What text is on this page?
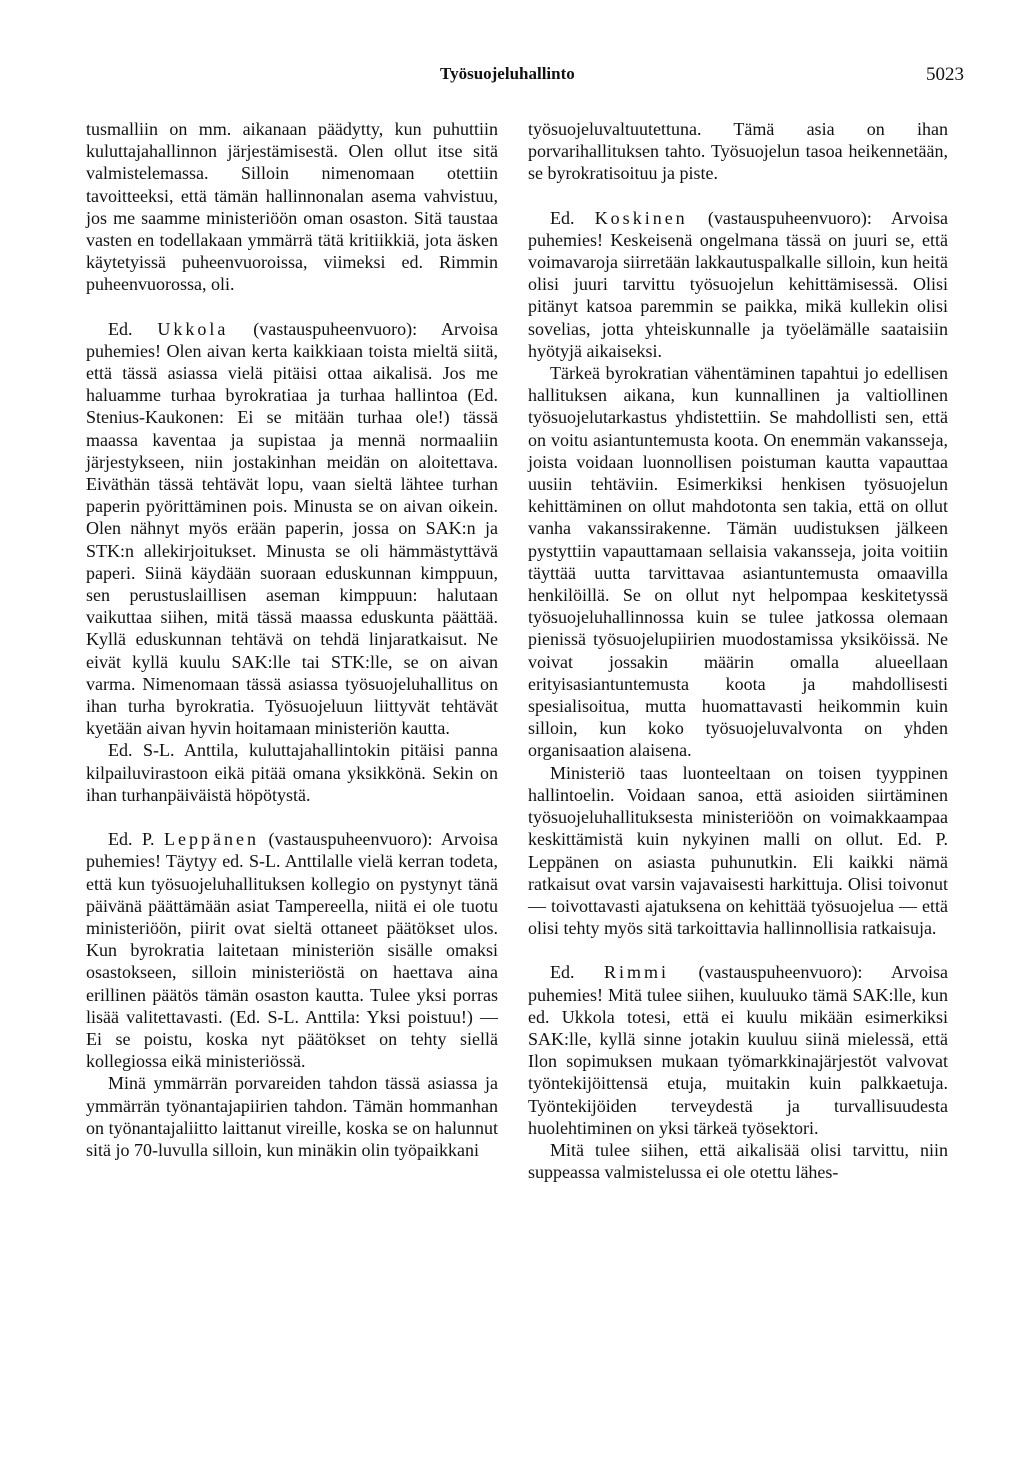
Työsuojeluhallinto	5023

tusmalliin on mm. aikanaan päädytty, kun puhuttiin kuluttajahallinnon järjestämisestä. Olen ollut itse sitä valmistelemassa. Silloin nimenomaan otettiin tavoitteeksi, että tämän hallinnonalan asema vahvistuu, jos me saamme ministeriöön oman osaston. Sitä taustaa vasten en todellakaan ymmärrä tätä kritiikkiä, jota äsken käytetyissä puheenvuoroissa, viimeksi ed. Rimmin puheenvuorossa, oli.

Ed. Ukkola (vastauspuheenvuoro): Arvoisa puhemies! Olen aivan kerta kaikkiaan toista mieltä siitä, että tässä asiassa vielä pitäisi ottaa aikalisä. Jos me haluamme turhaa byrokratiaa ja turhaa hallintoa (Ed. Stenius-Kaukonen: Ei se mitään turhaa ole!) tässä maassa kaventaa ja supistaa ja mennä normaaliin järjestykseen, niin jostakinhan meidän on aloitettava. Eiväthän tässä tehtävät lopu, vaan sieltä lähtee turhan paperin pyörittäminen pois. Minusta se on aivan oikein. Olen nähnyt myös erään paperin, jossa on SAK:n ja STK:n allekirjoitukset. Minusta se oli hämmästyttävä paperi. Siinä käydään suoraan eduskunnan kimppuun, sen perustuslaillisen aseman kimppuun: halutaan vaikuttaa siihen, mitä tässä maassa eduskunta päättää. Kyllä eduskunnan tehtävä on tehdä linjaratkaisut. Ne eivät kyllä kuulu SAK:lle tai STK:lle, se on aivan varma. Nimenomaan tässä asiassa työsuojeluhallitus on ihan turha byrokratia. Työsuojeluun liittyvät tehtävät kyetään aivan hyvin hoitamaan ministeriön kautta.

Ed. S-L. Anttila, kuluttajahallintokin pitäisi panna kilpailuvirastoon eikä pitää omana yksikkönä. Sekin on ihan turhanpäiväistä höpötystä.

Ed. P. Leppänen (vastauspuheenvuoro): Arvoisa puhemies! Täytyy ed. S-L. Anttilalle vielä kerran todeta, että kun työsuojeluhallituksen kollegio on pystynyt tänä päivänä päättämään asiat Tampereella, niitä ei ole tuotu ministeriöön, piirit ovat sieltä ottaneet päätökset ulos. Kun byrokratia laitetaan ministeriön sisälle omaksi osastokseen, silloin ministeriöstä on haettava aina erillinen päätös tämän osaston kautta. Tulee yksi porras lisää valitettavasti. (Ed. S-L. Anttila: Yksi poistuu!) — Ei se poistu, koska nyt päätökset on tehty siellä kollegiossa eikä ministeriössä.

Minä ymmärrän porvareiden tahdon tässä asiassa ja ymmärrän työnantajapiirien tahdon. Tämän hommanhan on työnantajaliitto laittanut vireille, koska se on halunnut sitä jo 70-luvulla silloin, kun minäkin olin työpaikkani

työsuojeluvaltuutettuna. Tämä asia on ihan porvarihallituksen tahto. Työsuojelun tasoa heikennetään, se byrokratisoituu ja piste.

Ed. Koskinen (vastauspuheenvuoro): Arvoisa puhemies! Keskeisenä ongelmana tässä on juuri se, että voimavaroja siirretään lakkautuspalkalle silloin, kun heitä olisi juuri tarvittu työsuojelun kehittämisessä. Olisi pitänyt katsoa paremmin se paikka, mikä kullekin olisi sovelias, jotta yhteiskunnalle ja työelämälle saataisiin hyötyjä aikaiseksi.

Tärkeä byrokratian vähentäminen tapahtui jo edellisen hallituksen aikana, kun kunnallinen ja valtiollinen työsuojelutarkastus yhdistettiin. Se mahdollisti sen, että on voitu asiantuntemusta koota. On enemmän vakansseja, joista voidaan luonnollisen poistuman kautta vapauttaa uusiin tehtäviin. Esimerkiksi henkisen työsuojelun kehittäminen on ollut mahdotonta sen takia, että on ollut vanha vakanssirakenne. Tämän uudistuksen jälkeen pystyttiin vapauttamaan sellaisia vakansseja, joita voitiin täyttää uutta tarvittavaa asiantuntemusta omaavilla henkilöillä. Se on ollut nyt helpompaa keskitetyssä työsuojeluhallinnossa kuin se tulee jatkossa olemaan pienissä työsuojelupiirien muodostamissa yksiköissä. Ne voivat jossakin määrin omalla alueellaan erityisasiantuntemusta koota ja mahdollisesti spesialisoitua, mutta huomattavasti heikommin kuin silloin, kun koko työsuojeluvalvonta on yhden organisaation alaisena.

Ministeriö taas luonteeltaan on toisen tyyppinen hallintoelin. Voidaan sanoa, että asioiden siirtäminen työsuojeluhallituksesta ministeriöön on voimakkaampaa keskittämistä kuin nykyinen malli on ollut. Ed. P. Leppänen on asiasta puhunutkin. Eli kaikki nämä ratkaisut ovat varsin vajavaisesti harkittuja. Olisi toivonut — toivottavasti ajatuksena on kehittää työsuojelua — että olisi tehty myös sitä tarkoittavia hallinnollisia ratkaisuja.

Ed. Rimmi (vastauspuheenvuoro): Arvoisa puhemies! Mitä tulee siihen, kuuluuko tämä SAK:lle, kun ed. Ukkola totesi, että ei kuulu mikään esimerkiksi SAK:lle, kyllä sinne jotakin kuuluu siinä mielessä, että Ilon sopimuksen mukaan työmarkkinajärjestöt valvovat työntekijöittensä etuja, muitakin kuin palkkaetuja. Työntekijöiden terveydestä ja turvallisuudesta huolehtiminen on yksi tärkeä työsektori.

Mitä tulee siihen, että aikalisää olisi tarvittu, niin suppeassa valmistelussa ei ole otettu lähes-
